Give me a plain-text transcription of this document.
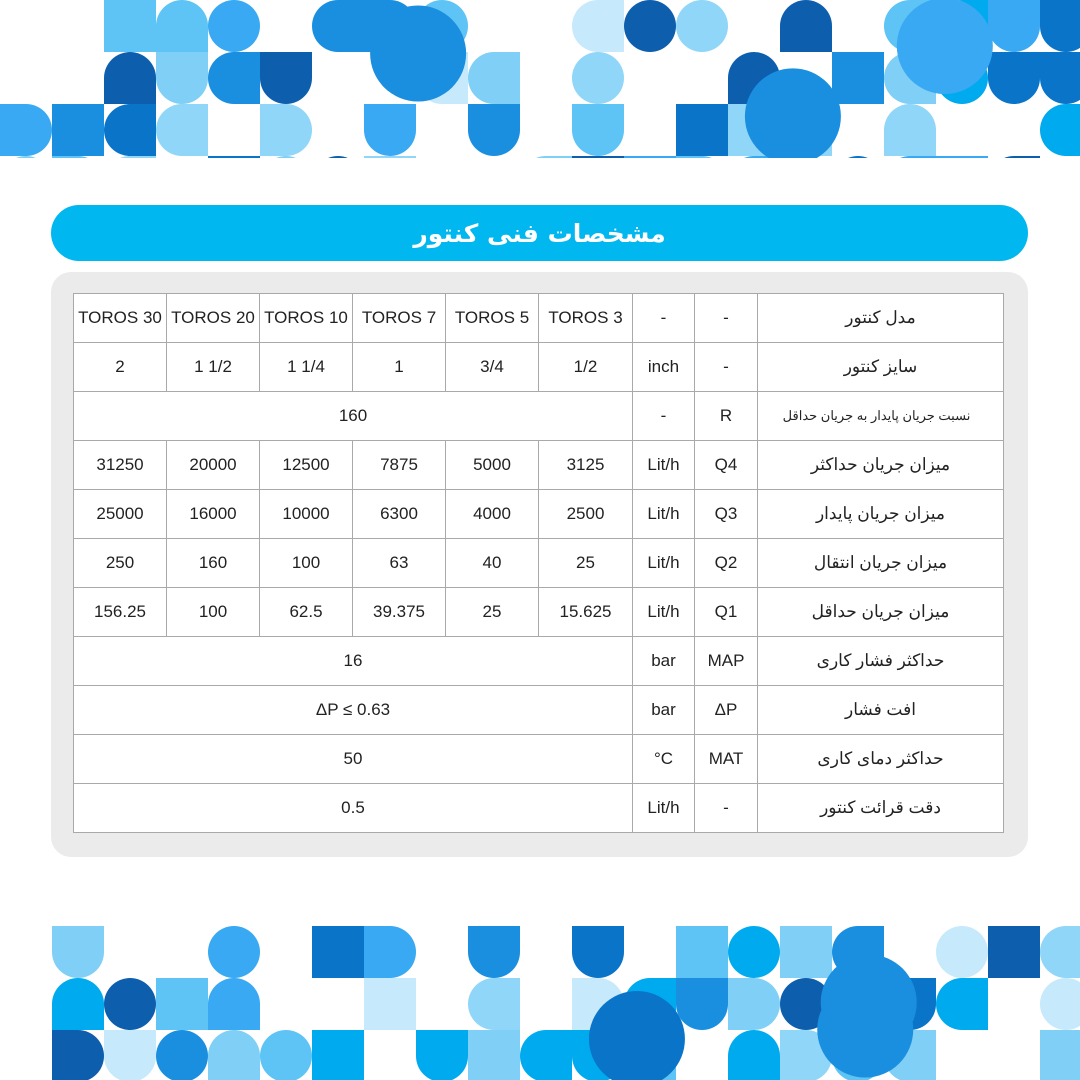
مشخصات فنی کنتور
TOROS 30	TOROS 20	TOROS 10	TOROS 7	TOROS 5	TOROS 3	-	-	مدل کنتور
2	1 1/2	1 1/4	1	3/4	1/2	inch	-	سایز کنتور
160						-	R	نسبت جریان پایدار به جریان حداقل
31250	20000	12500	7875	5000	3125	Lit/h	Q4	میزان جریان حداکثر
25000	16000	10000	6300	4000	2500	Lit/h	Q3	میزان جریان پایدار
250	160	100	63	40	25	Lit/h	Q2	میزان جریان انتقال
156.25	100	62.5	39.375	25	15.625	Lit/h	Q1	میزان جریان حداقل
16						bar	MAP	حداکثر فشار کاری
ΔP ≤ 0.63						bar	ΔP	افت فشار
50						°C	MAT	حداکثر دمای کاری
0.5						Lit/h	-	دقت قرائت کنتور
